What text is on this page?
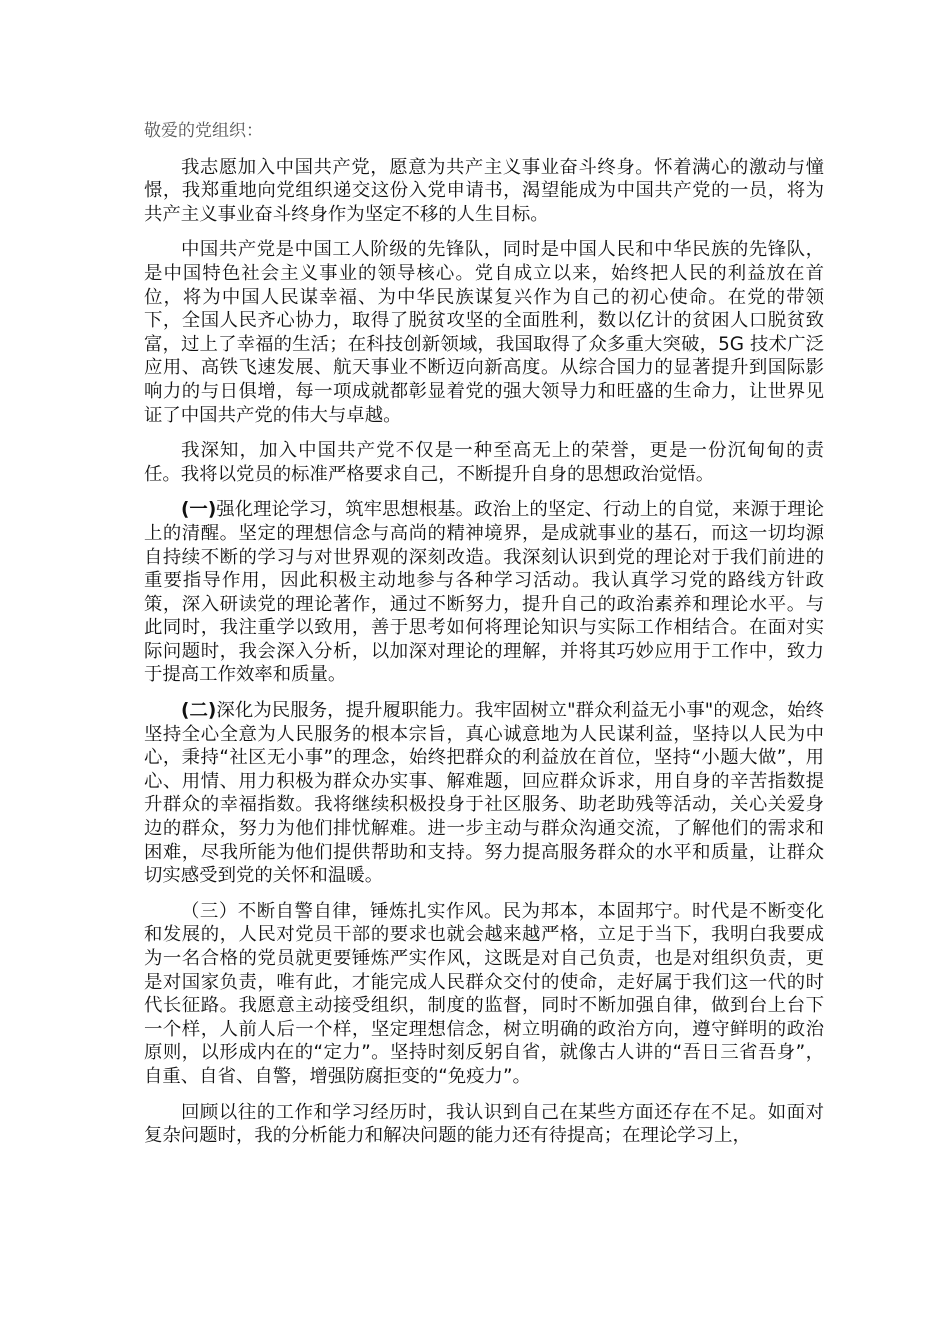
敬爱的党组织：

我志愿加入中国共产党，愿意为共产主义事业奋斗终身。怀着满心的激动与憧憬，我郑重地向党组织递交这份入党申请书，渴望能成为中国共产党的一员，将为共产主义事业奋斗终身作为坚定不移的人生目标。

中国共产党是中国工人阶级的先锋队，同时是中国人民和中华民族的先锋队，是中国特色社会主义事业的领导核心。党自成立以来，始终把人民的利益放在首位，将为中国人民谋幸福、为中华民族谋复兴作为自己的初心使命。在党的带领下，全国人民齐心协力，取得了脱贫攻坚的全面胜利，数以亿计的贫困人口脱贫致富，过上了幸福的生活；在科技创新领域，我国取得了众多重大突破，5G 技术广泛应用、高铁飞速发展、航天事业不断迈向新高度。从综合国力的显著提升到国际影响力的与日俱增，每一项成就都彰显着党的强大领导力和旺盛的生命力，让世界见证了中国共产党的伟大与卓越。

我深知，加入中国共产党不仅是一种至高无上的荣誉，更是一份沉甸甸的责任。我将以党员的标准严格要求自己，不断提升自身的思想政治觉悟。

(一)强化理论学习，筑牢思想根基。政治上的坚定、行动上的自觉，来源于理论上的清醒。坚定的理想信念与高尚的精神境界，是成就事业的基石，而这一切均源自持续不断的学习与对世界观的深刻改造。我深刻认识到党的理论对于我们前进的重要指导作用，因此积极主动地参与各种学习活动。我认真学习党的路线方针政策，深入研读党的理论著作，通过不断努力，提升自己的政治素养和理论水平。与此同时，我注重学以致用，善于思考如何将理论知识与实际工作相结合。在面对实际问题时，我会深入分析，以加深对理论的理解，并将其巧妙应用于工作中，致力于提高工作效率和质量。

(二)深化为民服务，提升履职能力。我牢固树立"群众利益无小事"的观念，始终坚持全心全意为人民服务的根本宗旨，真心诚意地为人民谋利益，坚持以人民为中心，秉持“社区无小事”的理念，始终把群众的利益放在首位，坚持“小题大做”，用心、用情、用力积极为群众办实事、解难题，回应群众诉求，用自身的辛苦指数提升群众的幸福指数。我将继续积极投身于社区服务、助老助残等活动，关心关爱身边的群众，努力为他们排忧解难。进一步主动与群众沟通交流，了解他们的需求和困难，尽我所能为他们提供帮助和支持。努力提高服务群众的水平和质量，让群众切实感受到党的关怀和温暖。

（三）不断自警自律，锤炼扎实作风。民为邦本，本固邦宁。时代是不断变化和发展的，人民对党员干部的要求也就会越来越严格，立足于当下，我明白我要成为一名合格的党员就更要锤炼严实作风，这既是对自己负责，也是对组织负责，更是对国家负责，唯有此，才能完成人民群众交付的使命，走好属于我们这一代的时代长征路。我愿意主动接受组织，制度的监督，同时不断加强自律，做到台上台下一个样，人前人后一个样，坚定理想信念，树立明确的政治方向，遵守鲜明的政治原则，以形成内在的“定力”。坚持时刻反躬自省，就像古人讲的“吾日三省吾身”，自重、自省、自警，增强防腐拒变的“免疫力”。

回顾以往的工作和学习经历时，我认识到自己在某些方面还存在不足。如面对复杂问题时，我的分析能力和解决问题的能力还有待提高；在理论学习上，
